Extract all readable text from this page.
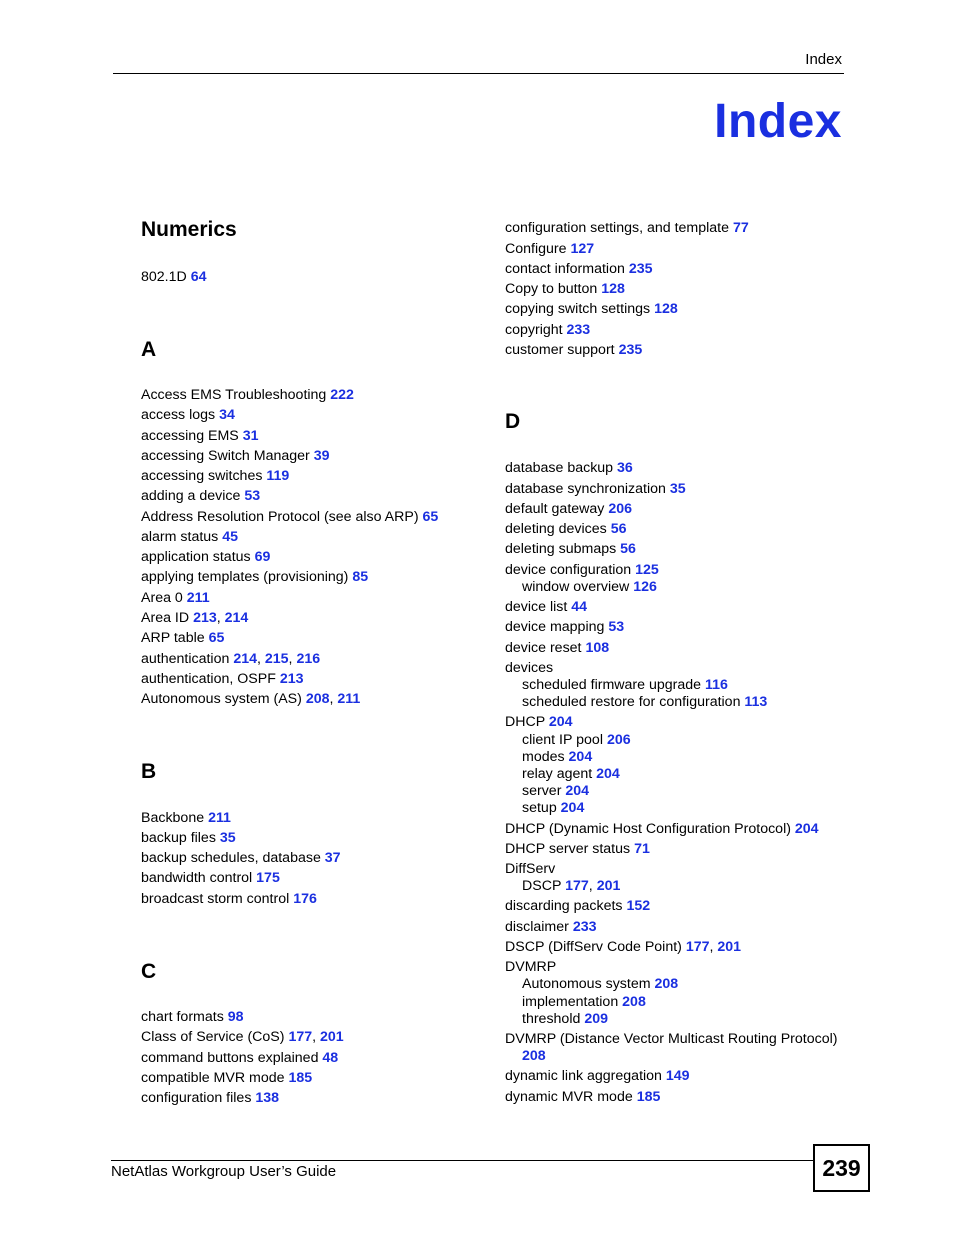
Index
Index
Numerics
802.1D 64
A
Access EMS Troubleshooting 222
access logs 34
accessing EMS 31
accessing Switch Manager 39
accessing switches 119
adding a device 53
Address Resolution Protocol (see also ARP) 65
alarm status 45
application status 69
applying templates (provisioning) 85
Area 0 211
Area ID 213, 214
ARP table 65
authentication 214, 215, 216
authentication, OSPF 213
Autonomous system (AS) 208, 211
B
Backbone 211
backup files 35
backup schedules, database 37
bandwidth control 175
broadcast storm control 176
C
chart formats 98
Class of Service (CoS) 177, 201
command buttons explained 48
compatible MVR mode 185
configuration files 138
configuration settings, and template 77
Configure 127
contact information 235
Copy to button 128
copying switch settings 128
copyright 233
customer support 235
D
database backup 36
database synchronization 35
default gateway 206
deleting devices 56
deleting submaps 56
device configuration 125
window overview 126
device list 44
device mapping 53
device reset 108
devices
scheduled firmware upgrade 116
scheduled restore for configuration 113
DHCP 204
client IP pool 206
modes 204
relay agent 204
server 204
setup 204
DHCP (Dynamic Host Configuration Protocol) 204
DHCP server status 71
DiffServ
DSCP 177, 201
discarding packets 152
disclaimer 233
DSCP (DiffServ Code Point) 177, 201
DVMRP
Autonomous system 208
implementation 208
threshold 209
DVMRP (Distance Vector Multicast Routing Protocol)
208
dynamic link aggregation 149
dynamic MVR mode 185
NetAtlas Workgroup User’s Guide	239
